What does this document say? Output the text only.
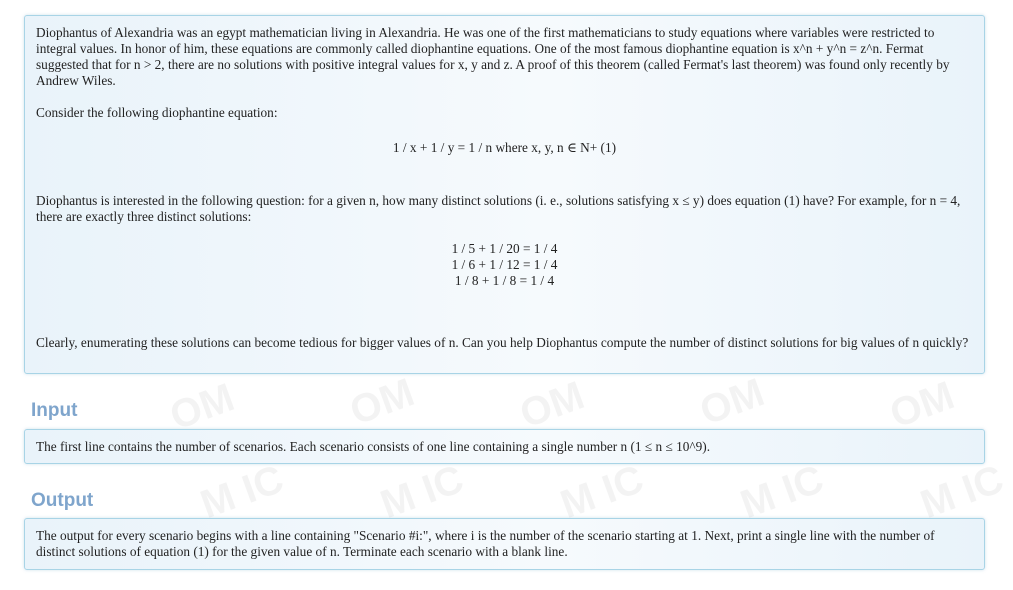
Diophantus of Alexandria was an egypt mathematician living in Alexandria. He was one of the first mathematicians to study equations where variables were restricted to integral values. In honor of him, these equations are commonly called diophantine equations. One of the most famous diophantine equation is x^n + y^n = z^n. Fermat suggested that for n > 2, there are no solutions with positive integral values for x, y and z. A proof of this theorem (called Fermat's last theorem) was found only recently by Andrew Wiles.

Consider the following diophantine equation:

1 / x + 1 / y = 1 / n where x, y, n ∈ N+ (1)

Diophantus is interested in the following question: for a given n, how many distinct solutions (i. e., solutions satisfying x ≤ y) does equation (1) have? For example, for n = 4, there are exactly three distinct solutions:

1 / 5 + 1 / 20 = 1 / 4
1 / 6 + 1 / 12 = 1 / 4
1 / 8 + 1 / 8 = 1 / 4

Clearly, enumerating these solutions can become tedious for bigger values of n. Can you help Diophantus compute the number of distinct solutions for big values of n quickly?

Input

The first line contains the number of scenarios. Each scenario consists of one line containing a single number n (1 ≤ n ≤ 10^9).

Output

The output for every scenario begins with a line containing "Scenario #i:", where i is the number of the scenario starting at 1. Next, print a single line with the number of distinct solutions of equation (1) for the given value of n. Terminate each scenario with a blank line.
